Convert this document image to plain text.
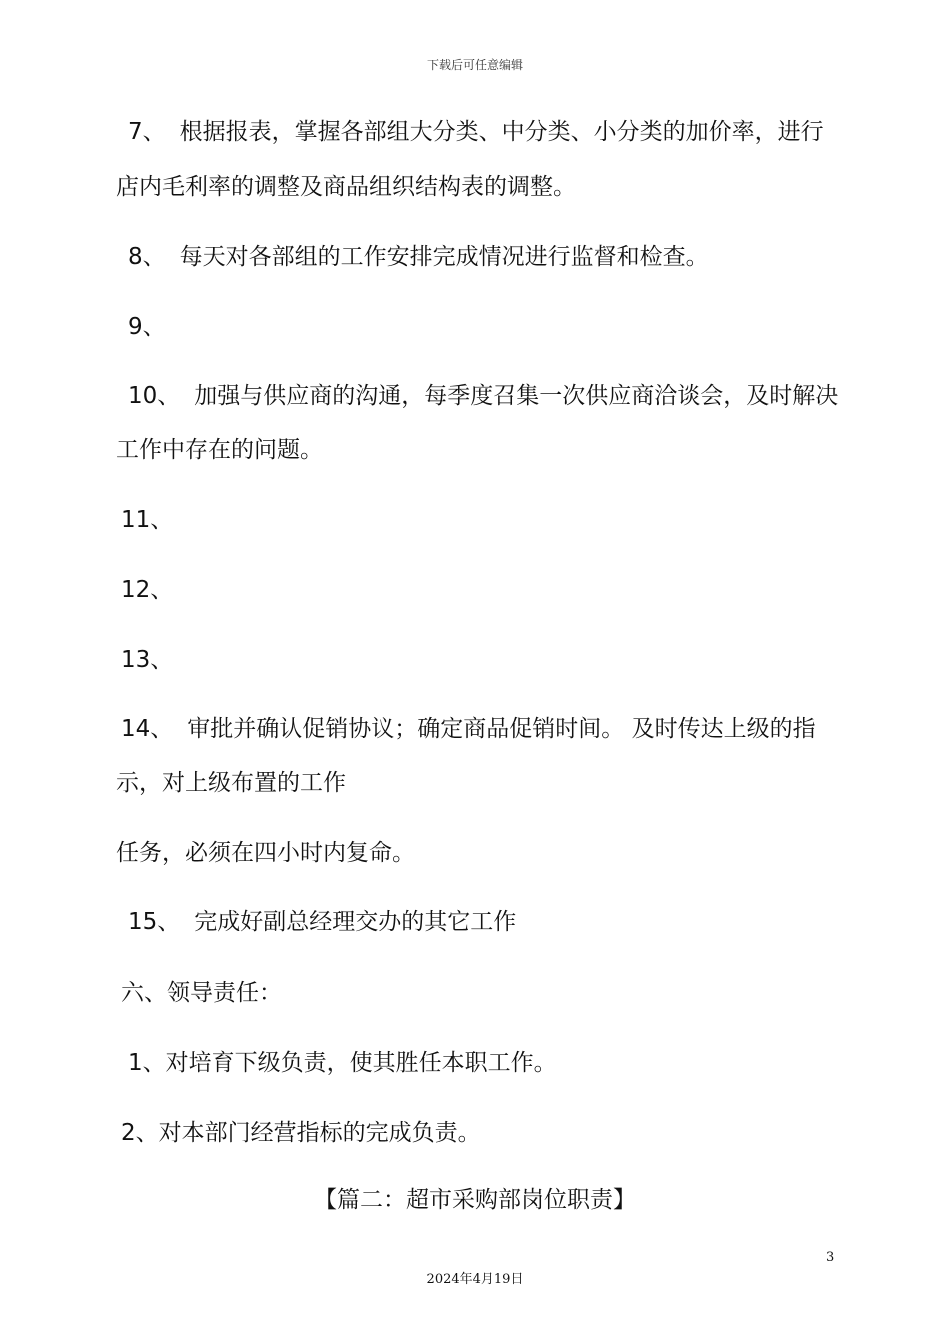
下载后可任意编辑
7、 根据报表，掌握各部组大分类、中分类、小分类的加价率，进行
店内毛利率的调整及商品组织结构表的调整。
8、 每天对各部组的工作安排完成情况进行监督和检查。
9、
10、 加强与供应商的沟通，每季度召集一次供应商洽谈会，及时解决
工作中存在的问题。
11、
12、
13、
14、 审批并确认促销协议；确定商品促销时间。 及时传达上级的指
示，对上级布置的工作
任务，必须在四小时内复命。
15、 完成好副总经理交办的其它工作
六、领导责任：
1、对培育下级负责，使其胜任本职工作。
2、对本部门经营指标的完成负责。
【篇二：超市采购部岗位职责】
3
2024年4月19日
